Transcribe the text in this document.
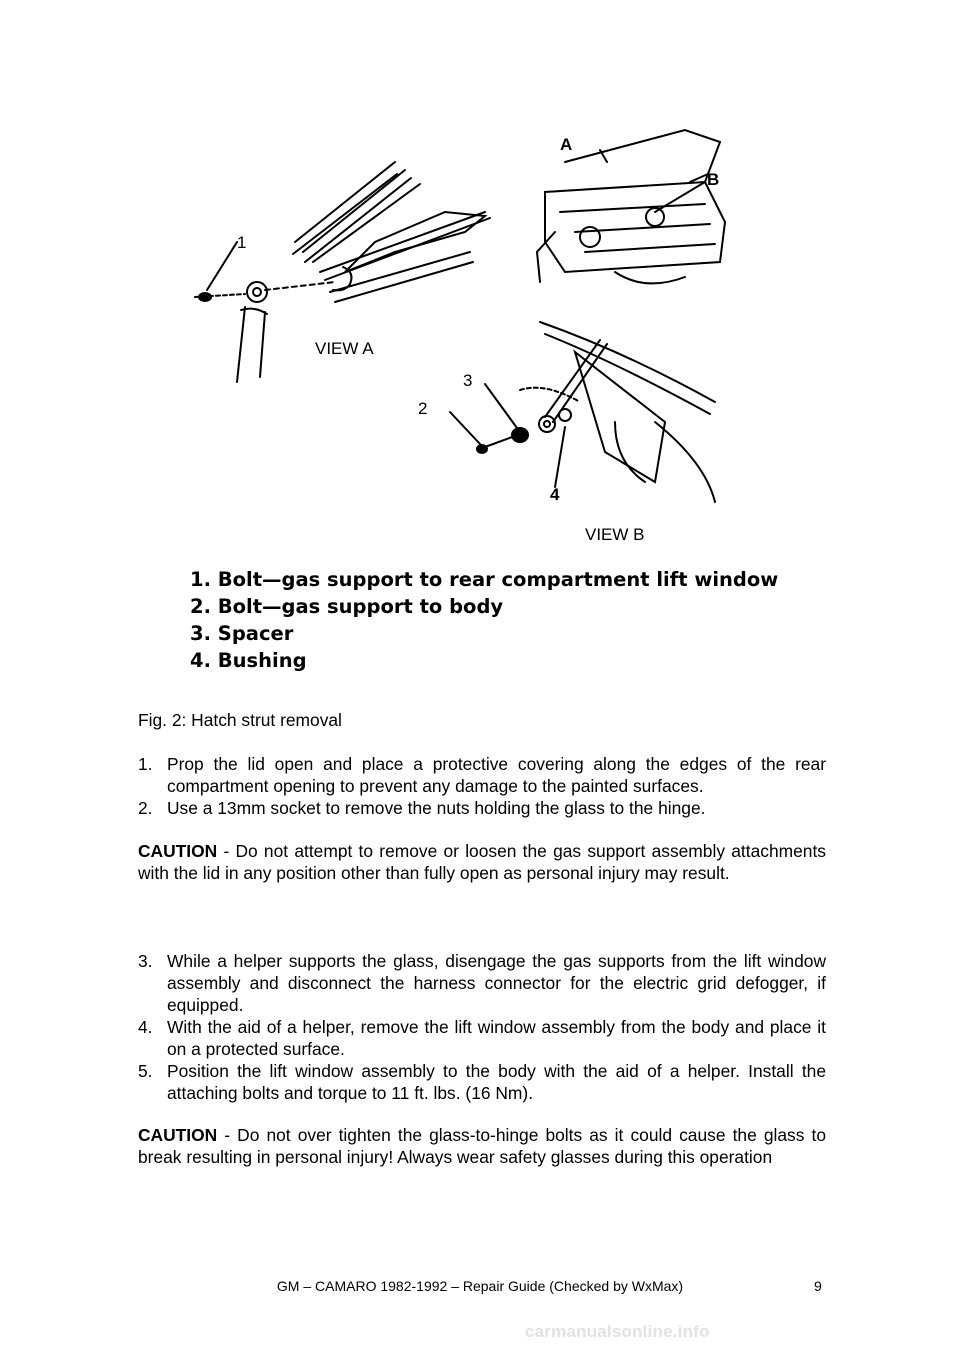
A
B
1
2
3
4
VIEW A
VIEW B
1. Bolt—gas support to rear compartment lift window
2. Bolt—gas support to body
3. Spacer
4. Bushing
Fig. 2: Hatch strut removal
1. Prop the lid open and place a protective covering along the edges of the rear compartment opening to prevent any damage to the painted surfaces.
2. Use a 13mm socket to remove the nuts holding the glass to the hinge.
CAUTION - Do not attempt to remove or loosen the gas support assembly attachments with the lid in any position other than fully open as personal injury may result.
3. While a helper supports the glass, disengage the gas supports from the lift window assembly and disconnect the harness connector for the electric grid defogger, if equipped.
4. With the aid of a helper, remove the lift window assembly from the body and place it on a protected surface.
5. Position the lift window assembly to the body with the aid of a helper. Install the attaching bolts and torque to 11 ft. lbs. (16 Nm).
CAUTION - Do not over tighten the glass-to-hinge bolts as it could cause the glass to break resulting in personal injury! Always wear safety glasses during this operation
GM – CAMARO 1982-1992 – Repair Guide (Checked by WxMax)	9
carmanualsonline.info
